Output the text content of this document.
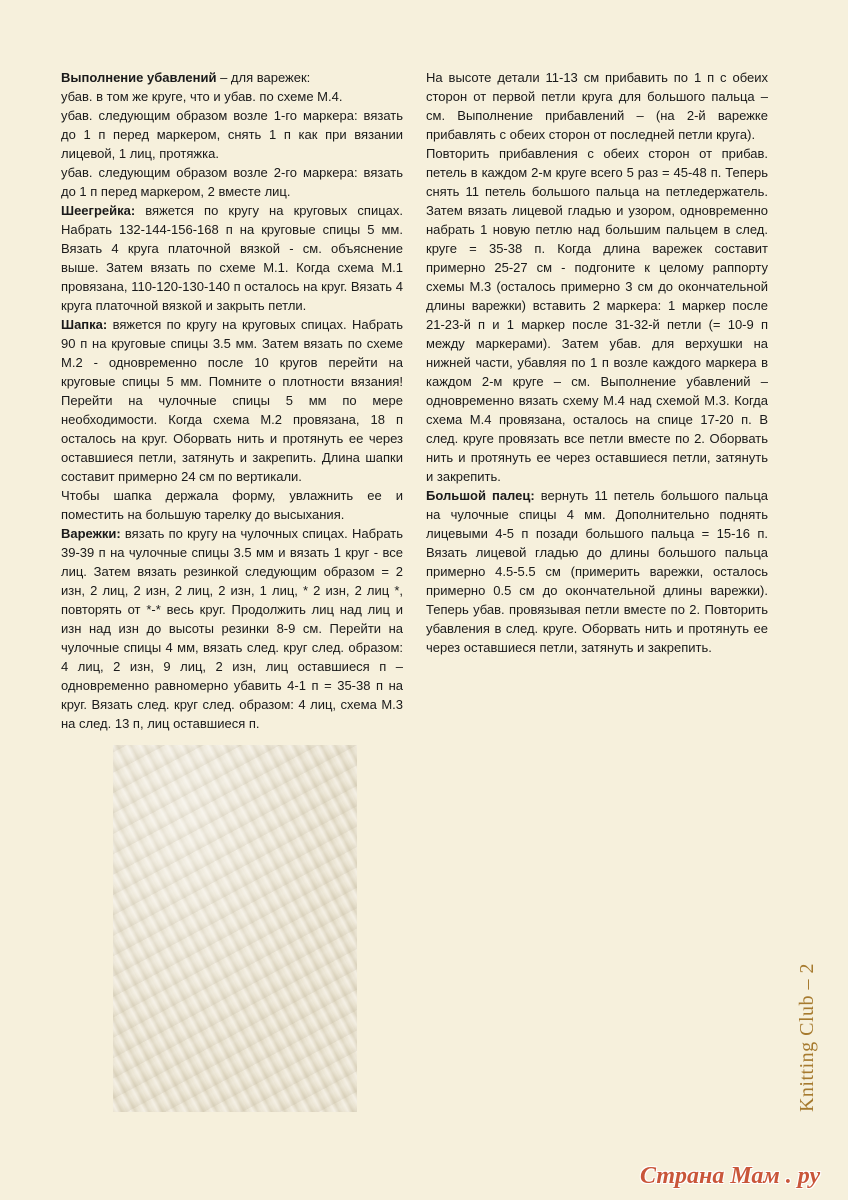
Выполнение убавлений – для варежек:

убав. в том же круге, что и убав. по схеме М.4.

убав. следующим образом возле 1-го маркера: вязать до 1 п перед маркером, снять 1 п как при вязании лицевой, 1 лиц, протяжка.

убав. следующим образом возле 2-го маркера: вязать до 1 п перед маркером, 2 вместе лиц.

Шеегрейка: вяжется по кругу на круговых спицах. Набрать 132-144-156-168 п на круговые спицы 5 мм. Вязать 4 круга платочной вязкой - см. объяснение выше. Затем вязать по схеме М.1. Когда схема М.1 провязана, 110-120-130-140 п осталось на круг. Вязать 4 круга платочной вязкой и закрыть петли.

Шапка: вяжется по кругу на круговых спицах. Набрать 90 п на круговые спицы 3.5 мм. Затем вязать по схеме М.2 - одновременно после 10 кругов перейти на круговые спицы 5 мм. Помните о плотности вязания! Перейти на чулочные спицы 5 мм по мере необходимости. Когда схема М.2 провязана, 18 п осталось на круг. Оборвать нить и протянуть ее через оставшиеся петли, затянуть и закрепить. Длина шапки составит примерно 24 см по вертикали.

Чтобы шапка держала форму, увлажнить ее и поместить на большую тарелку до высыхания.

Варежки: вязать по кругу на чулочных спицах. Набрать 39-39 п на чулочные спицы 3.5 мм и вязать 1 круг - все лиц. Затем вязать резинкой следующим образом = 2 изн, 2 лиц, 2 изн, 2 лиц, 2 изн, 1 лиц, * 2 изн, 2 лиц *, повторять от *-* весь круг. Продолжить лиц над лиц и изн над изн до высоты резинки 8-9 см. Перейти на чулочные спицы 4 мм, вязать след. круг след. образом: 4 лиц, 2 изн, 9 лиц, 2 изн, лиц оставшиеся п – одновременно равномерно убавить 4-1 п = 35-38 п на круг. Вязать след. круг след. образом: 4 лиц, схема М.3 на след. 13 п, лиц оставшиеся п.

На высоте детали 11-13 см прибавить по 1 п с обеих сторон от первой петли круга для большого пальца – см. Выполнение прибавлений – (на 2-й варежке прибавлять с обеих сторон от последней петли круга).

Повторить прибавления с обеих сторон от прибав. петель в каждом 2-м круге всего 5 раз = 45-48 п. Теперь снять 11 петель большого пальца на петледержатель. Затем вязать лицевой гладью и узором, одновременно набрать 1 новую петлю над большим пальцем в след. круге = 35-38 п. Когда длина варежек составит примерно 25-27 см - подгоните к целому раппорту схемы М.3 (осталось примерно 3 см до окончательной длины варежки) вставить 2 маркера: 1 маркер после 21-23-й п и 1 маркер после 31-32-й петли (= 10-9 п между маркерами). Затем убав. для верхушки на нижней части, убавляя по 1 п возле каждого маркера в каждом 2-м круге – см. Выполнение убавлений – одновременно вязать схему М.4 над схемой М.3. Когда схема М.4 провязана, осталось на спице 17-20 п. В след. круге провязать все петли вместе по 2. Оборвать нить и протянуть ее через оставшиеся петли, затянуть и закрепить.

Большой палец: вернуть 11 петель большого пальца на чулочные спицы 4 мм. Дополнительно поднять лицевыми 4-5 п позади большого пальца = 15-16 п. Вязать лицевой гладью до длины большого пальца примерно 4.5-5.5 см (примерить варежки, осталось примерно 0.5 см до окончательной длины варежки). Теперь убав. провязывая петли вместе по 2. Повторить убавления в след. круге. Оборвать нить и протянуть ее через оставшиеся петли, затянуть и закрепить.

Knitting Club – 2
Страна Мам . ру
